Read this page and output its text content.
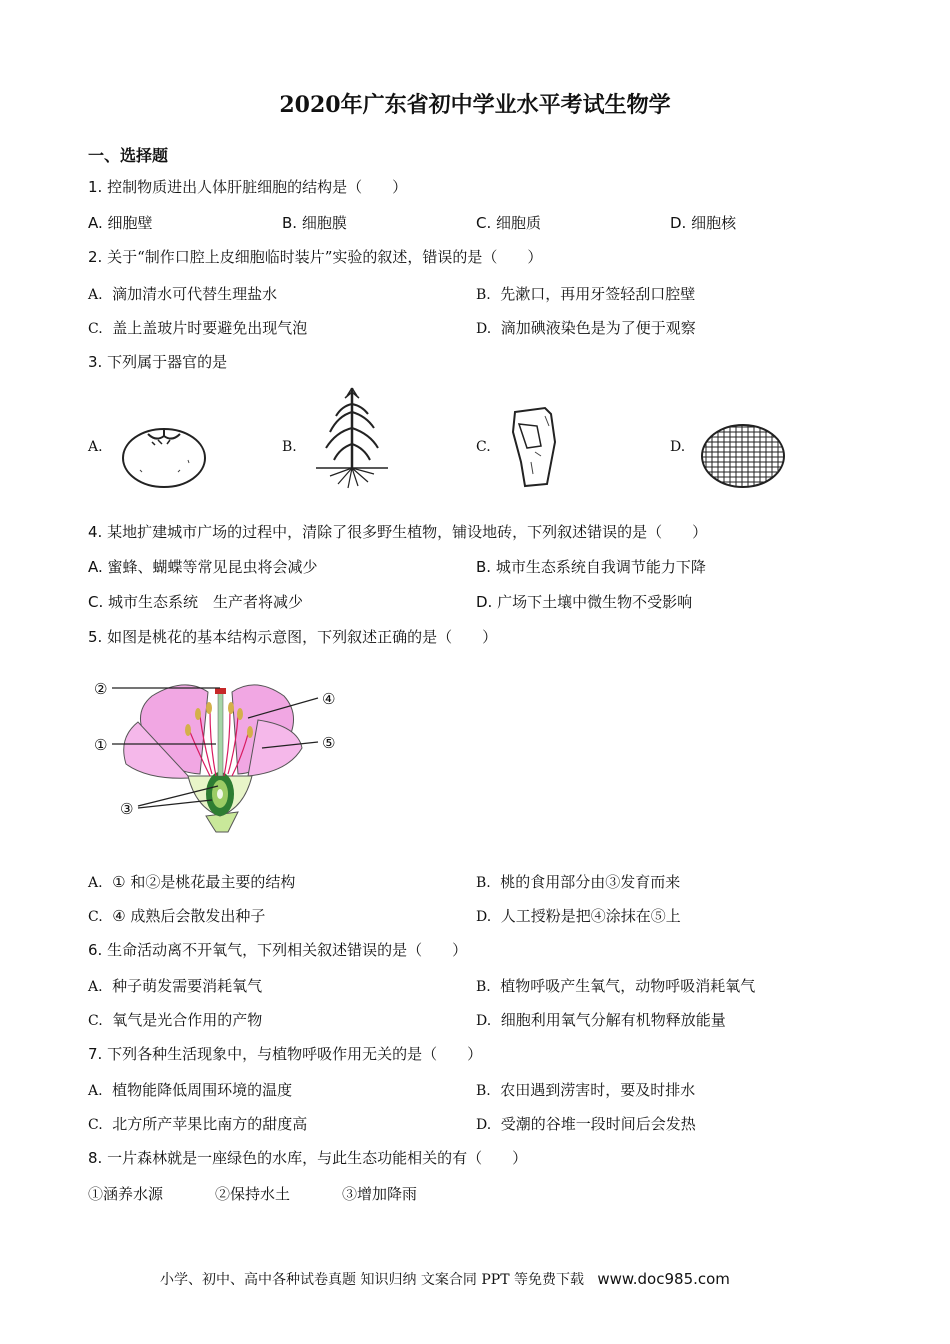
2020年广东省初中学业水平考试生物学
一、选择题
1. 控制物质进出人体肝脏细胞的结构是（　　）
A. 细胞壁	B. 细胞膜	C. 细胞质	D. 细胞核
2. 关于“制作口腔上皮细胞临时装片”实验的叙述，错误的是（　　）
A. 滴加清水可代替生理盐水	B. 先漱口，再用牙签轻刮口腔壁
C. 盖上盖玻片时要避免出现气泡	D. 滴加碘液染色是为了便于观察
3. 下列属于器官的是
A.	B.	C.	D.
4. 某地扩建城市广场的过程中，清除了很多野生植物，铺设地砖，下列叙述错误的是（　　）
A. 蜜蜂、蝴蝶等常见昆虫将会减少	B. 城市生态系统自我调节能力下降
C. 城市生态系统　生产者将减少	D. 广场下土壤中微生物不受影响
5. 如图是桃花的基本结构示意图，下列叙述正确的是（　　）
②
④
①	⑤
③
A. ① 和②是桃花最主要的结构	B. 桃的食用部分由③发育而来
C. ④ 成熟后会散发出种子	D. 人工授粉是把④涂抹在⑤上
6. 生命活动离不开氧气，下列相关叙述错误的是（　　）
A. 种子萌发需要消耗氧气	B. 植物呼吸产生氧气，动物呼吸消耗氧气
C. 氧气是光合作用的产物	D. 细胞利用氧气分解有机物释放能量
7. 下列各种生活现象中，与植物呼吸作用无关的是（　　）
A. 植物能降低周围环境的温度	B. 农田遇到涝害时，要及时排水
C. 北方所产苹果比南方的甜度高	D. 受潮的谷堆一段时间后会发热
8. 一片森林就是一座绿色的水库，与此生态功能相关的有（　　）
①涵养水源	②保持水土	③增加降雨
小学、初中、高中各种试卷真题 知识归纳 文案合同 PPT 等免费下载 www.doc985.com
